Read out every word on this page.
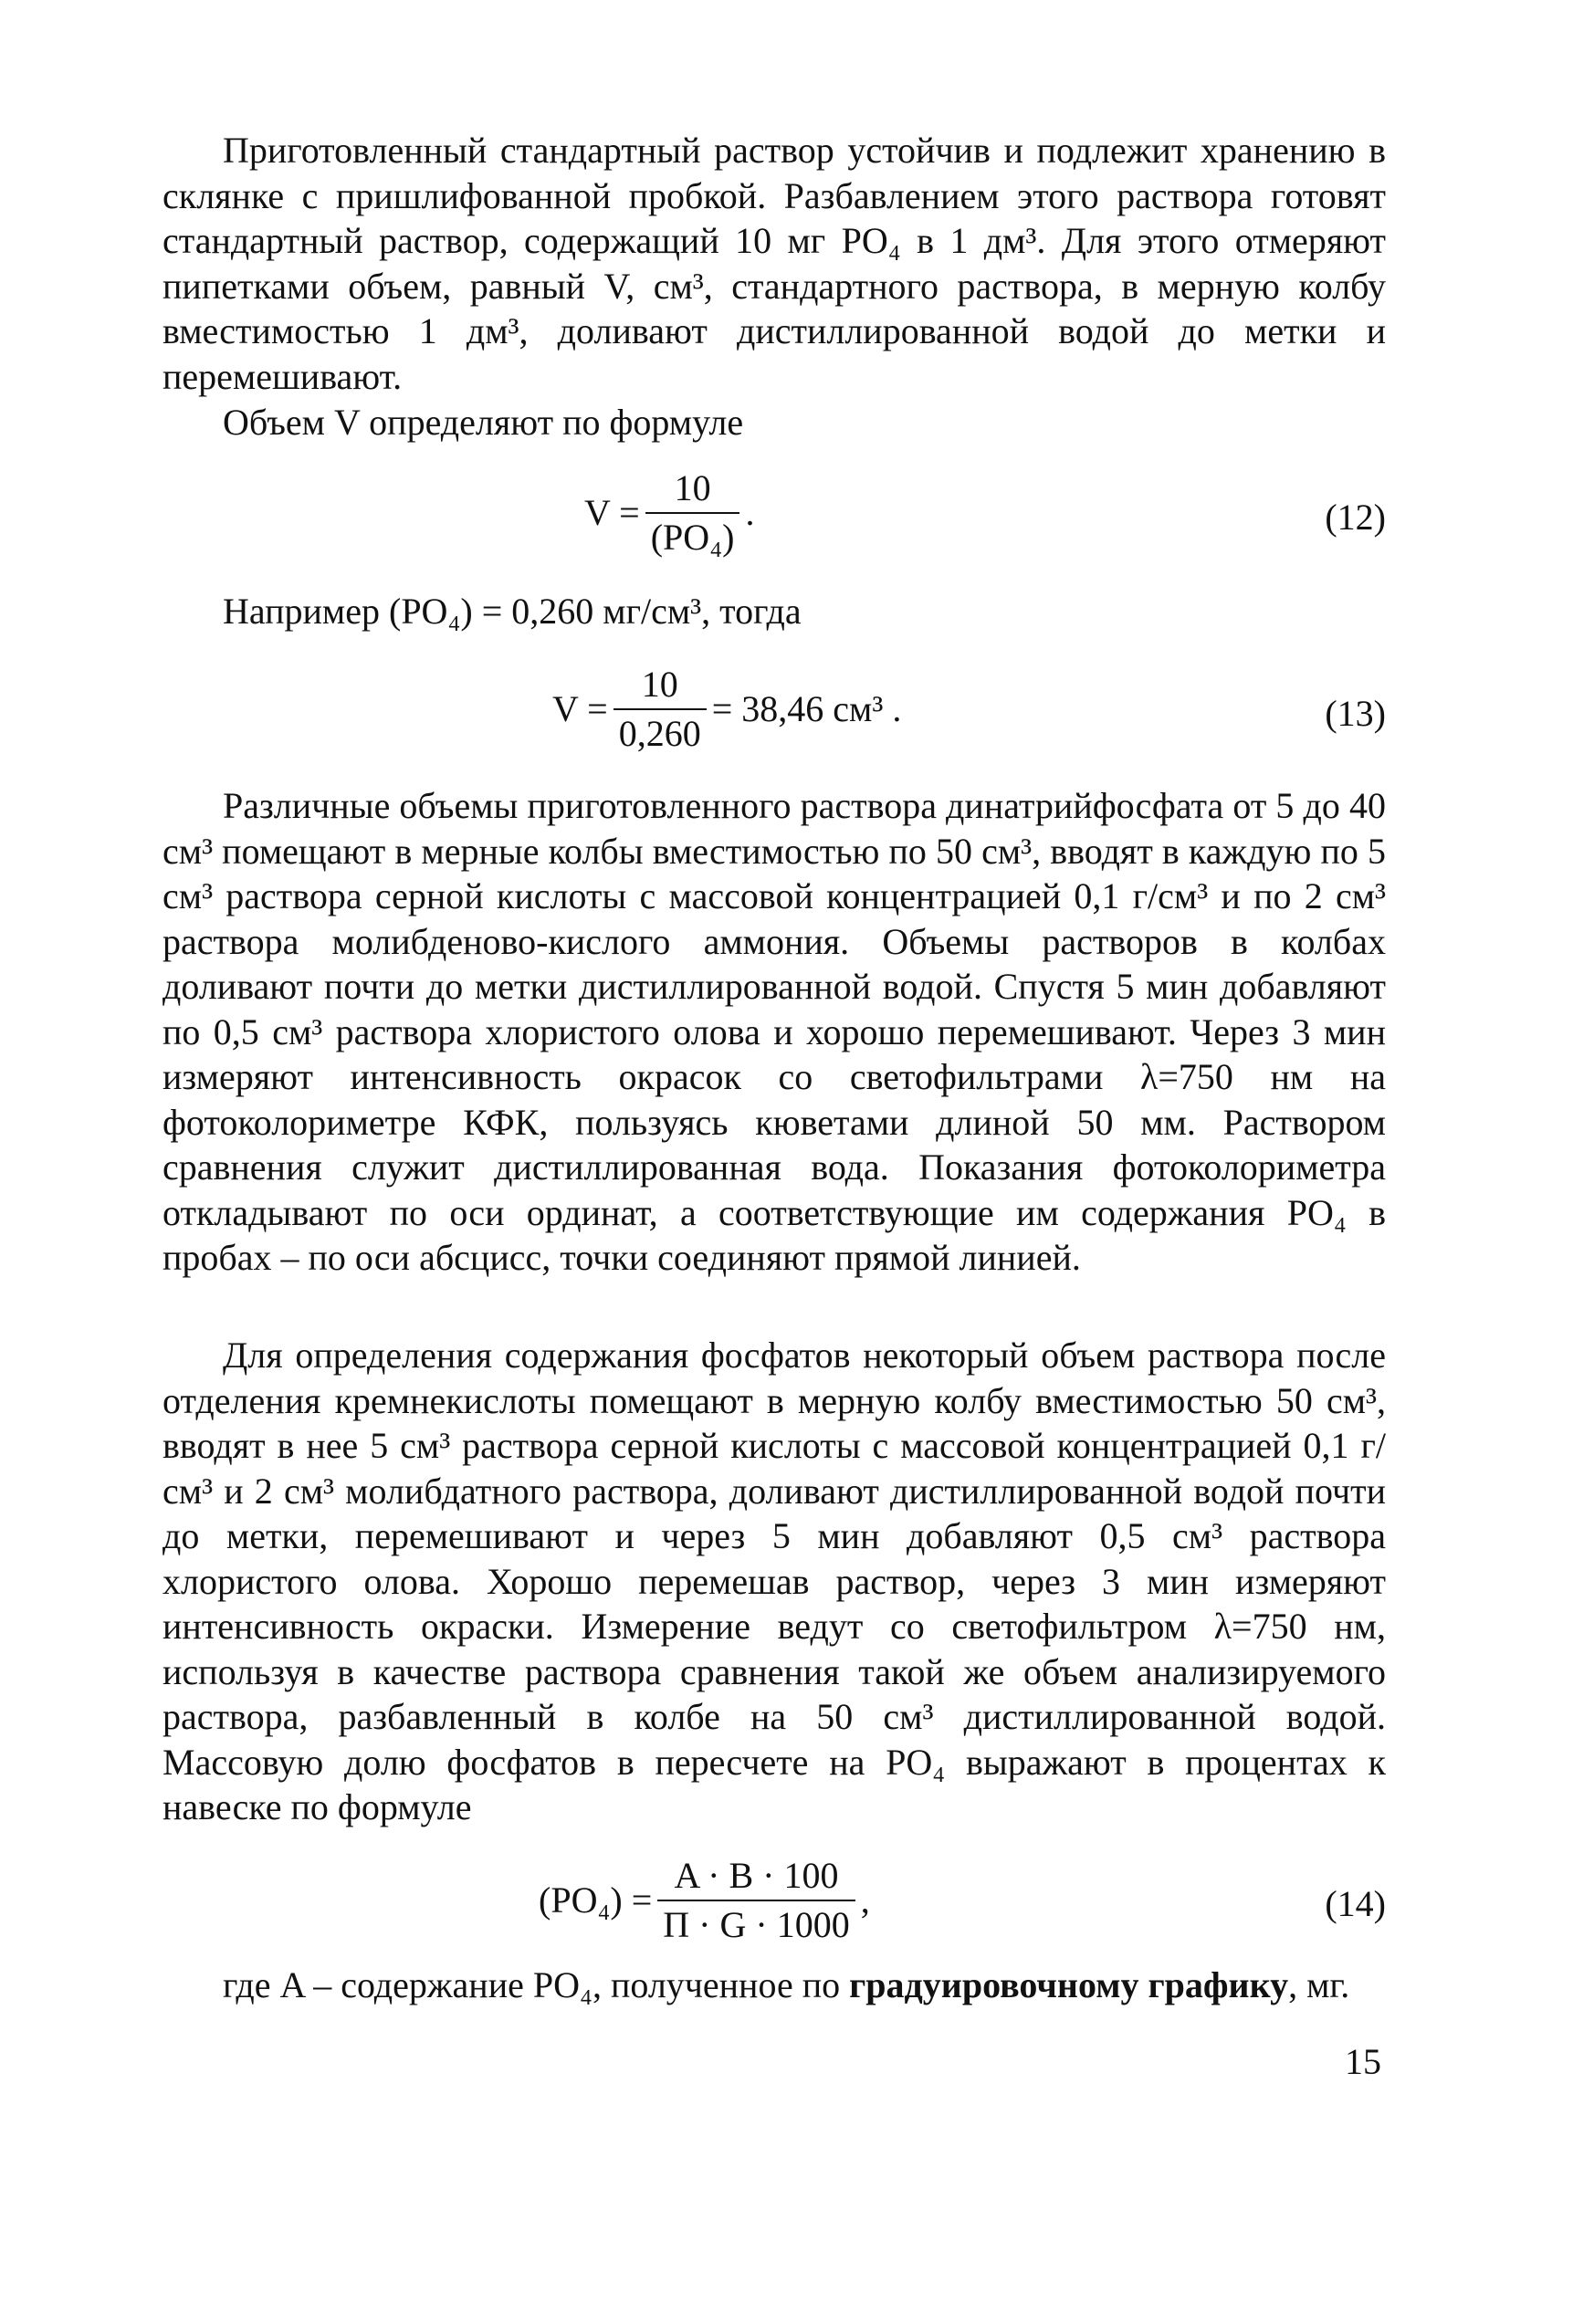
Приготовленный стандартный раствор устойчив и подлежит хранению в склянке с пришлифованной пробкой. Разбавлением этого раствора готовят стандартный раствор, содержащий 10 мг PO₄ в 1 дм³. Для этого отмеряют пипетками объем, равный V, см³, стандартного раствора, в мерную колбу вместимостью 1 дм³, доливают дистиллированной водой до метки и перемешивают.

Объем V определяют по формуле

$V = \frac{10}{\text{(PO₄)}}$ .	(12)

Например (PO₄) = 0,260 мг/см³, тогда

$V = \frac{10}{0,260} = 38,46$ см³ .	(13)

Различные объемы приготовленного раствора динатрийфосфата от 5 до 40 см³ помещают в мерные колбы вместимостью по 50 см³, вводят в каждую по 5 см³ раствора серной кислоты с массовой концентрацией 0,1 г/см³ и по 2 см³ раствора молибденово-кислого аммония. Объемы растворов в колбах доливают почти до метки дистиллированной водой. Спустя 5 мин добавляют по 0,5 см³ раствора хлористого олова и хорошо перемешивают. Через 3 мин измеряют интенсивность окрасок со светофильтрами λ=750 нм на фотоколориметре КФК, пользуясь кюветами длиной 50 мм. Раствором сравнения служит дистиллированная вода. Показания фотоколориметра откладывают по оси ординат, а соответствующие им содержания PO₄ в пробах – по оси абсцисс, точки соединяют прямой линией.

Для определения содержания фосфатов некоторый объем раствора после отделения кремнекислоты помещают в мерную колбу вместимостью 50 см³, вводят в нее 5 см³ раствора серной кислоты с массовой концентрацией 0,1 г/см³ и 2 см³ молибдатного раствора, доливают дистиллированной водой почти до метки, перемешивают и через 5 мин добавляют 0,5 см³ раствора хлористого олова. Хорошо перемешав раствор, через 3 мин измеряют интенсивность окраски. Измерение ведут со светофильтром λ=750 нм, используя в качестве раствора сравнения такой же объем анализируемого раствора, разбавленный в колбе на 50 см³ дистиллированной водой. Массовую долю фосфатов в пересчете на PO₄ выражают в процентах к навеске по формуле

$(PO_4) = \frac{A \cdot B \cdot 100}{П \cdot G \cdot 1000}$ ,	(14)

где A – содержание PO₄, полученное по градуировочному графику, мг.

15
